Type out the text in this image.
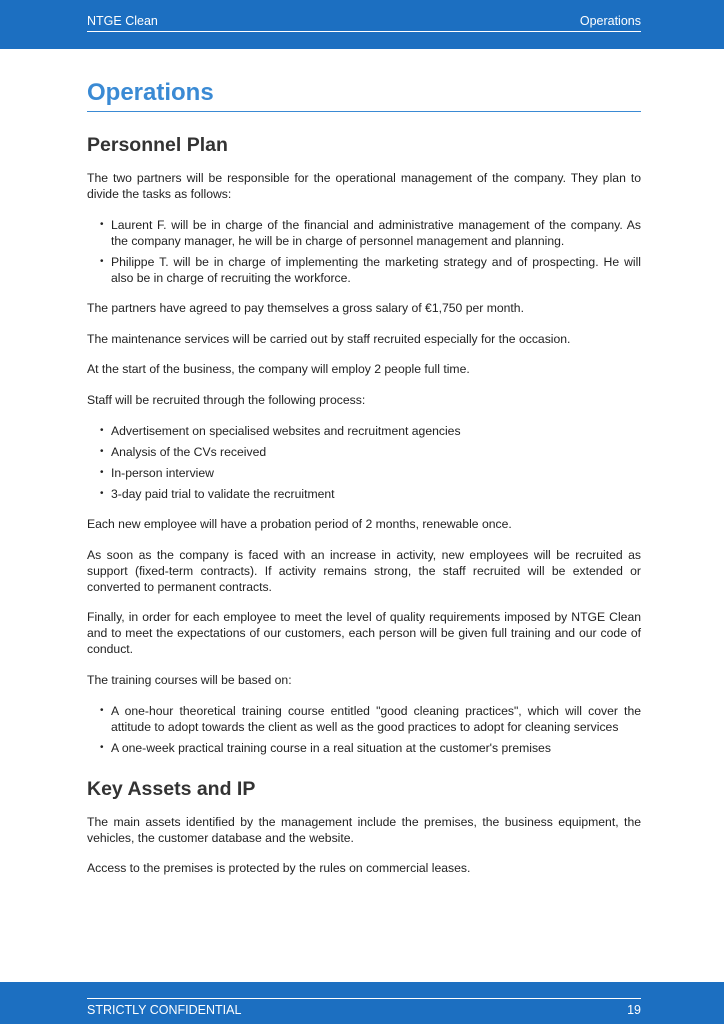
NTGE Clean	Operations
Operations
Personnel Plan

The two partners will be responsible for the operational management of the company. They plan to divide the tasks as follows:

• Laurent F. will be in charge of the financial and administrative management of the company. As the company manager, he will be in charge of personnel management and planning.
• Philippe T. will be in charge of implementing the marketing strategy and of prospecting. He will also be in charge of recruiting the workforce.

The partners have agreed to pay themselves a gross salary of €1,750 per month.

The maintenance services will be carried out by staff recruited especially for the occasion.

At the start of the business, the company will employ 2 people full time.

Staff will be recruited through the following process:

• Advertisement on specialised websites and recruitment agencies
• Analysis of the CVs received
• In-person interview
• 3-day paid trial to validate the recruitment

Each new employee will have a probation period of 2 months, renewable once.

As soon as the company is faced with an increase in activity, new employees will be recruited as support (fixed-term contracts). If activity remains strong, the staff recruited will be extended or converted to permanent contracts.

Finally, in order for each employee to meet the level of quality requirements imposed by NTGE Clean and to meet the expectations of our customers, each person will be given full training and our code of conduct.

The training courses will be based on:

• A one-hour theoretical training course entitled "good cleaning practices", which will cover the attitude to adopt towards the client as well as the good practices to adopt for cleaning services
• A one-week practical training course in a real situation at the customer's premises
Key Assets and IP

The main assets identified by the management include the premises, the business equipment, the vehicles, the customer database and the website.

Access to the premises is protected by the rules on commercial leases.

STRICTLY CONFIDENTIAL	19
